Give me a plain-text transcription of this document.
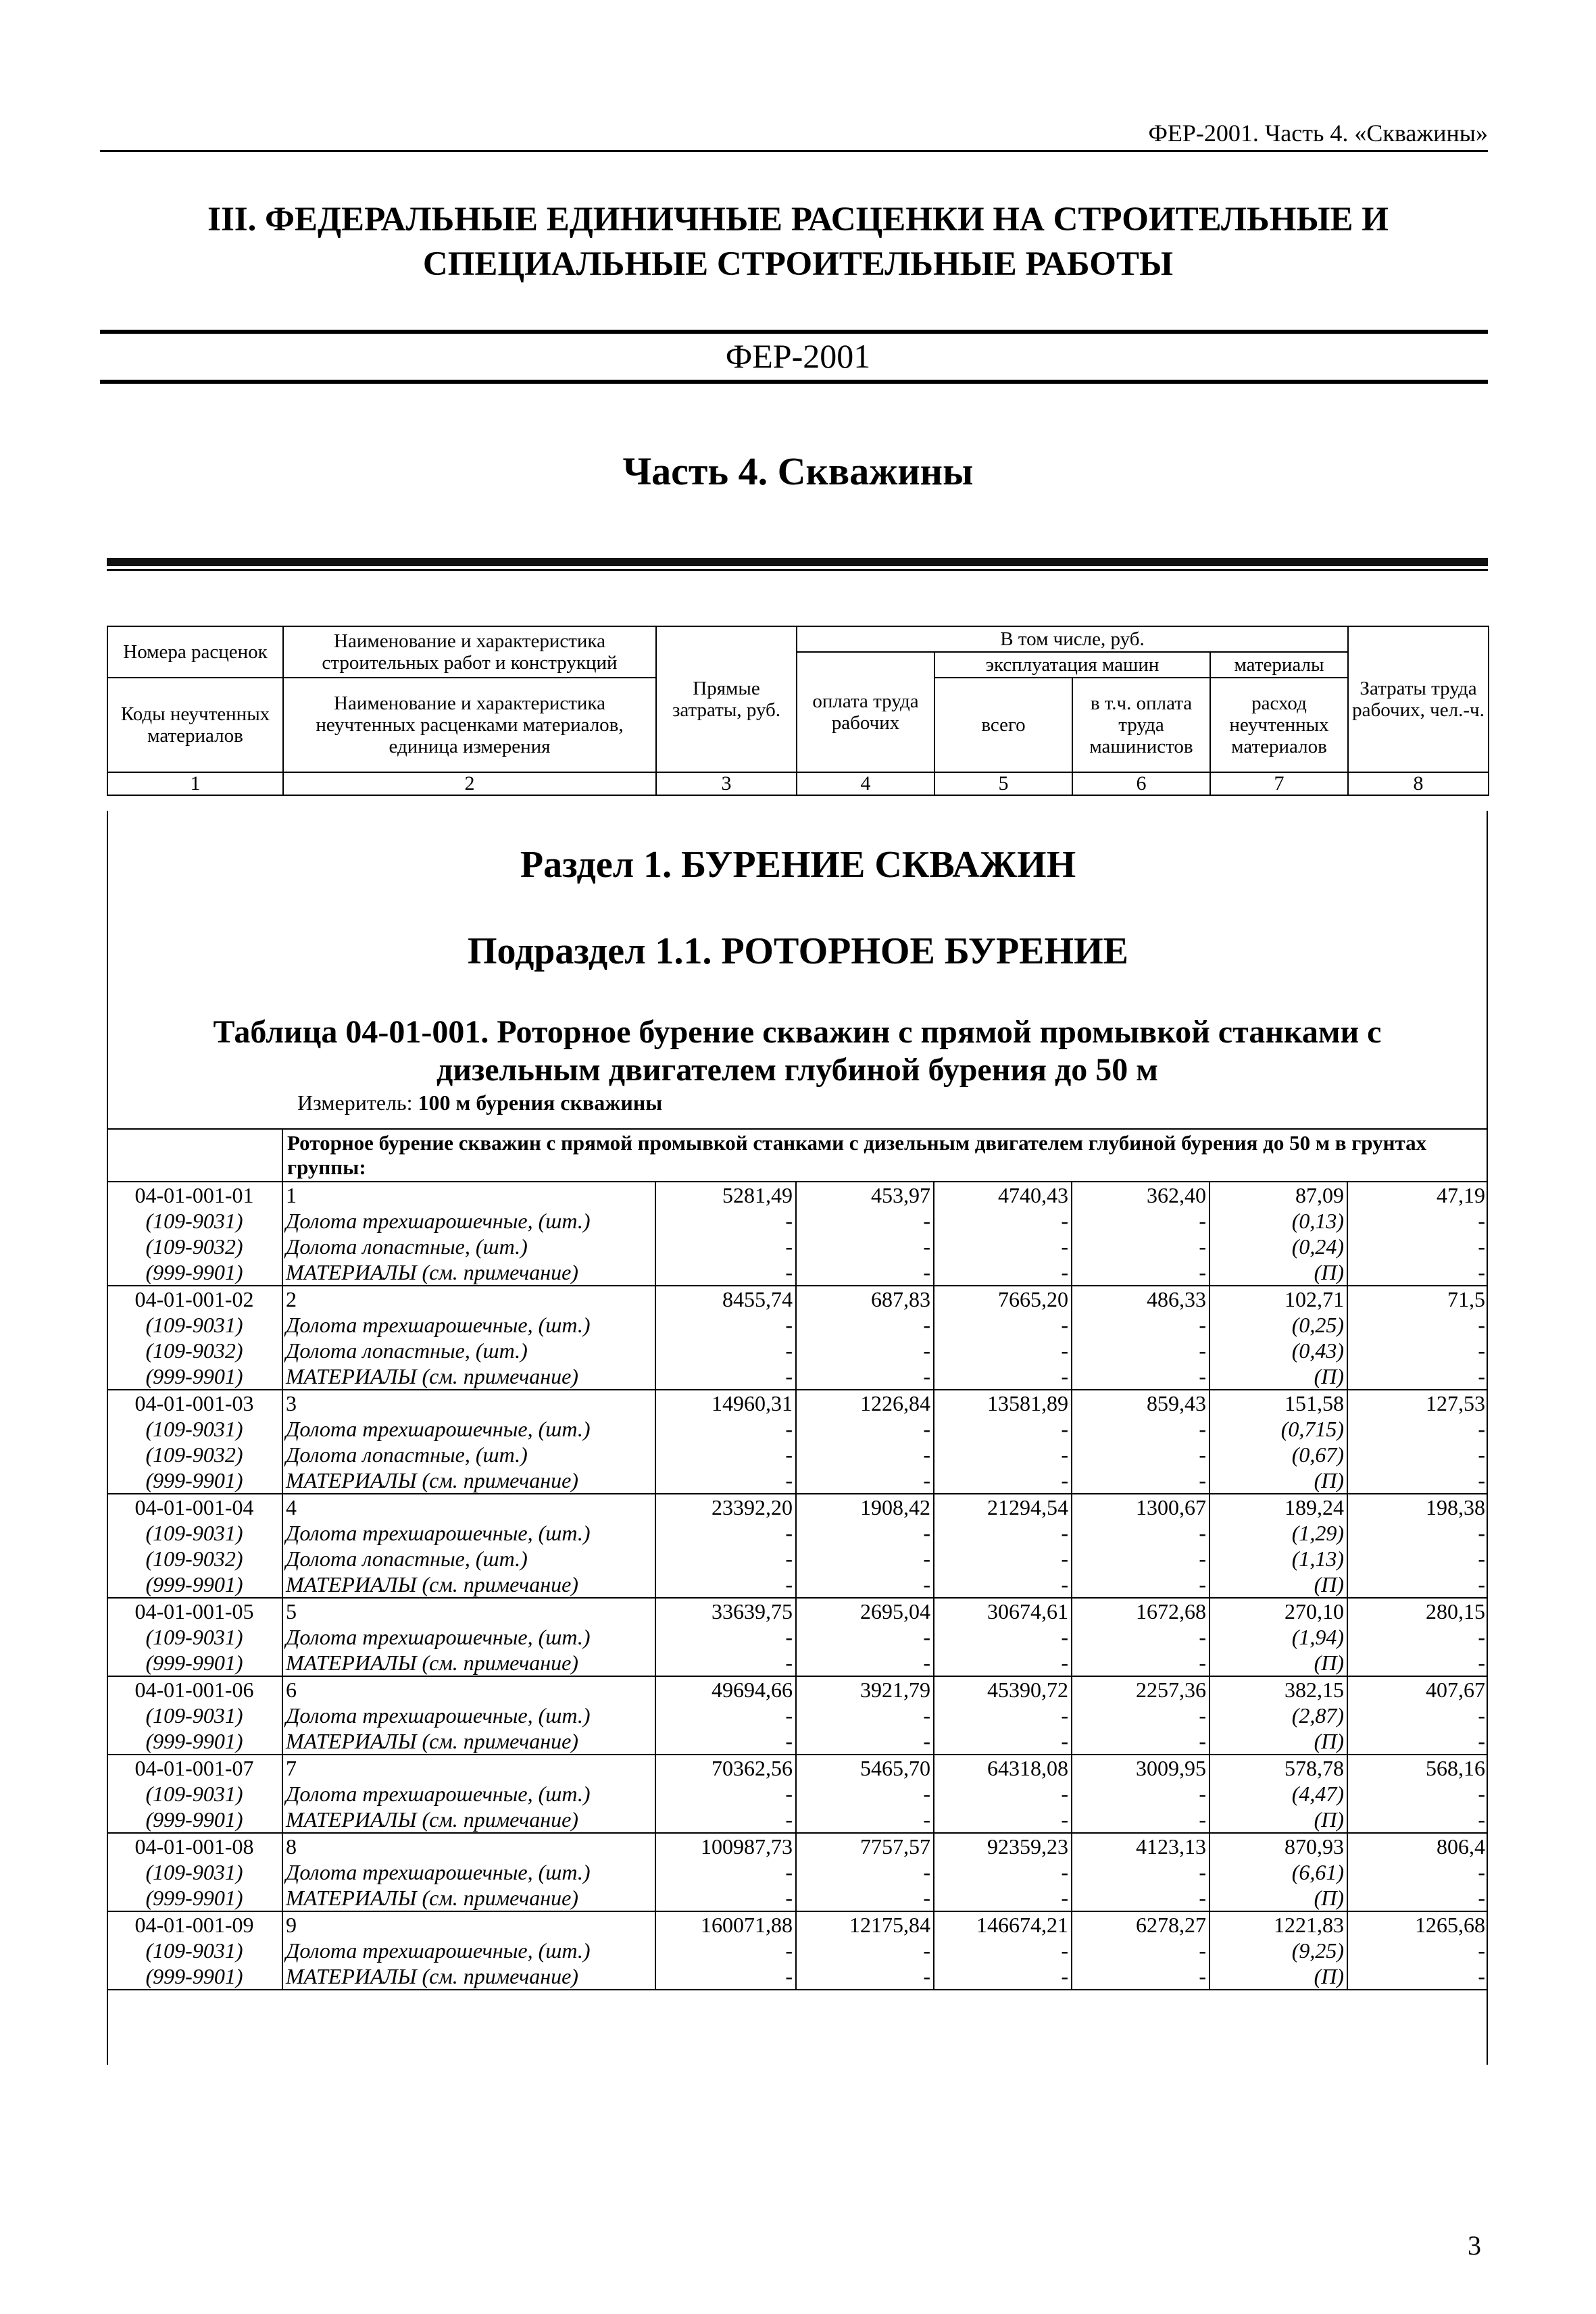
ФЕР-2001. Часть 4. «Скважины»
III. ФЕДЕРАЛЬНЫЕ ЕДИНИЧНЫЕ РАСЦЕНКИ НА СТРОИТЕЛЬНЫЕ И
СПЕЦИАЛЬНЫЕ СТРОИТЕЛЬНЫЕ РАБОТЫ
ФЕР-2001
Часть 4. Скважины
Номера расценок	Наименование и характеристика строительных работ и конструкций	Прямые затраты, руб.	В том числе, руб.				Затраты труда рабочих, чел.-ч.
			оплата труда рабочих	эксплуатация машин		материалы	
Коды неучтенных материалов	Наименование и характеристика неучтенных расценками материалов, единица измерения			всего	в т.ч. оплата труда машинистов	расход неучтенных материалов	

1	2	3	4	5	6	7	8
Раздел 1. БУРЕНИЕ СКВАЖИН
Подраздел 1.1. РОТОРНОЕ БУРЕНИЕ
Таблица 04-01-001. Роторное бурение скважин с прямой промывкой станками с
дизельным двигателем глубиной бурения до 50 м
Измеритель: 100 м бурения скважины
	Роторное бурение скважин с прямой промывкой станками с дизельным двигателем глубиной бурения до 50 м в грунтах группы:						
04-01-001-01	1	5281,49	453,97	4740,43	362,40	87,09	47,19
(109-9031)	Долота трехшарошечные, (шт.)	-	-	-	-	(0,13)	-
(109-9032)	Долота лопастные, (шт.)	-	-	-	-	(0,24)	-
(999-9901)	МАТЕРИАЛЫ (см. примечание)	-	-	-	-	(П)	-
04-01-001-02	2	8455,74	687,83	7665,20	486,33	102,71	71,5
(109-9031)	Долота трехшарошечные, (шт.)	-	-	-	-	(0,25)	-
(109-9032)	Долота лопастные, (шт.)	-	-	-	-	(0,43)	-
(999-9901)	МАТЕРИАЛЫ (см. примечание)	-	-	-	-	(П)	-
04-01-001-03	3	14960,31	1226,84	13581,89	859,43	151,58	127,53
(109-9031)	Долота трехшарошечные, (шт.)	-	-	-	-	(0,715)	-
(109-9032)	Долота лопастные, (шт.)	-	-	-	-	(0,67)	-
(999-9901)	МАТЕРИАЛЫ (см. примечание)	-	-	-	-	(П)	-
04-01-001-04	4	23392,20	1908,42	21294,54	1300,67	189,24	198,38
(109-9031)	Долота трехшарошечные, (шт.)	-	-	-	-	(1,29)	-
(109-9032)	Долота лопастные, (шт.)	-	-	-	-	(1,13)	-
(999-9901)	МАТЕРИАЛЫ (см. примечание)	-	-	-	-	(П)	-
04-01-001-05	5	33639,75	2695,04	30674,61	1672,68	270,10	280,15
(109-9031)	Долота трехшарошечные, (шт.)	-	-	-	-	(1,94)	-
(999-9901)	МАТЕРИАЛЫ (см. примечание)	-	-	-	-	(П)	-
04-01-001-06	6	49694,66	3921,79	45390,72	2257,36	382,15	407,67
(109-9031)	Долота трехшарошечные, (шт.)	-	-	-	-	(2,87)	-
(999-9901)	МАТЕРИАЛЫ (см. примечание)	-	-	-	-	(П)	-
04-01-001-07	7	70362,56	5465,70	64318,08	3009,95	578,78	568,16
(109-9031)	Долота трехшарошечные, (шт.)	-	-	-	-	(4,47)	-
(999-9901)	МАТЕРИАЛЫ (см. примечание)	-	-	-	-	(П)	-
04-01-001-08	8	100987,73	7757,57	92359,23	4123,13	870,93	806,4
(109-9031)	Долота трехшарошечные, (шт.)	-	-	-	-	(6,61)	-
(999-9901)	МАТЕРИАЛЫ (см. примечание)	-	-	-	-	(П)	-
04-01-001-09	9	160071,88	12175,84	146674,21	6278,27	1221,83	1265,68
(109-9031)	Долота трехшарошечные, (шт.)	-	-	-	-	(9,25)	-
(999-9901)	МАТЕРИАЛЫ (см. примечание)	-	-	-	-	(П)	-
3
